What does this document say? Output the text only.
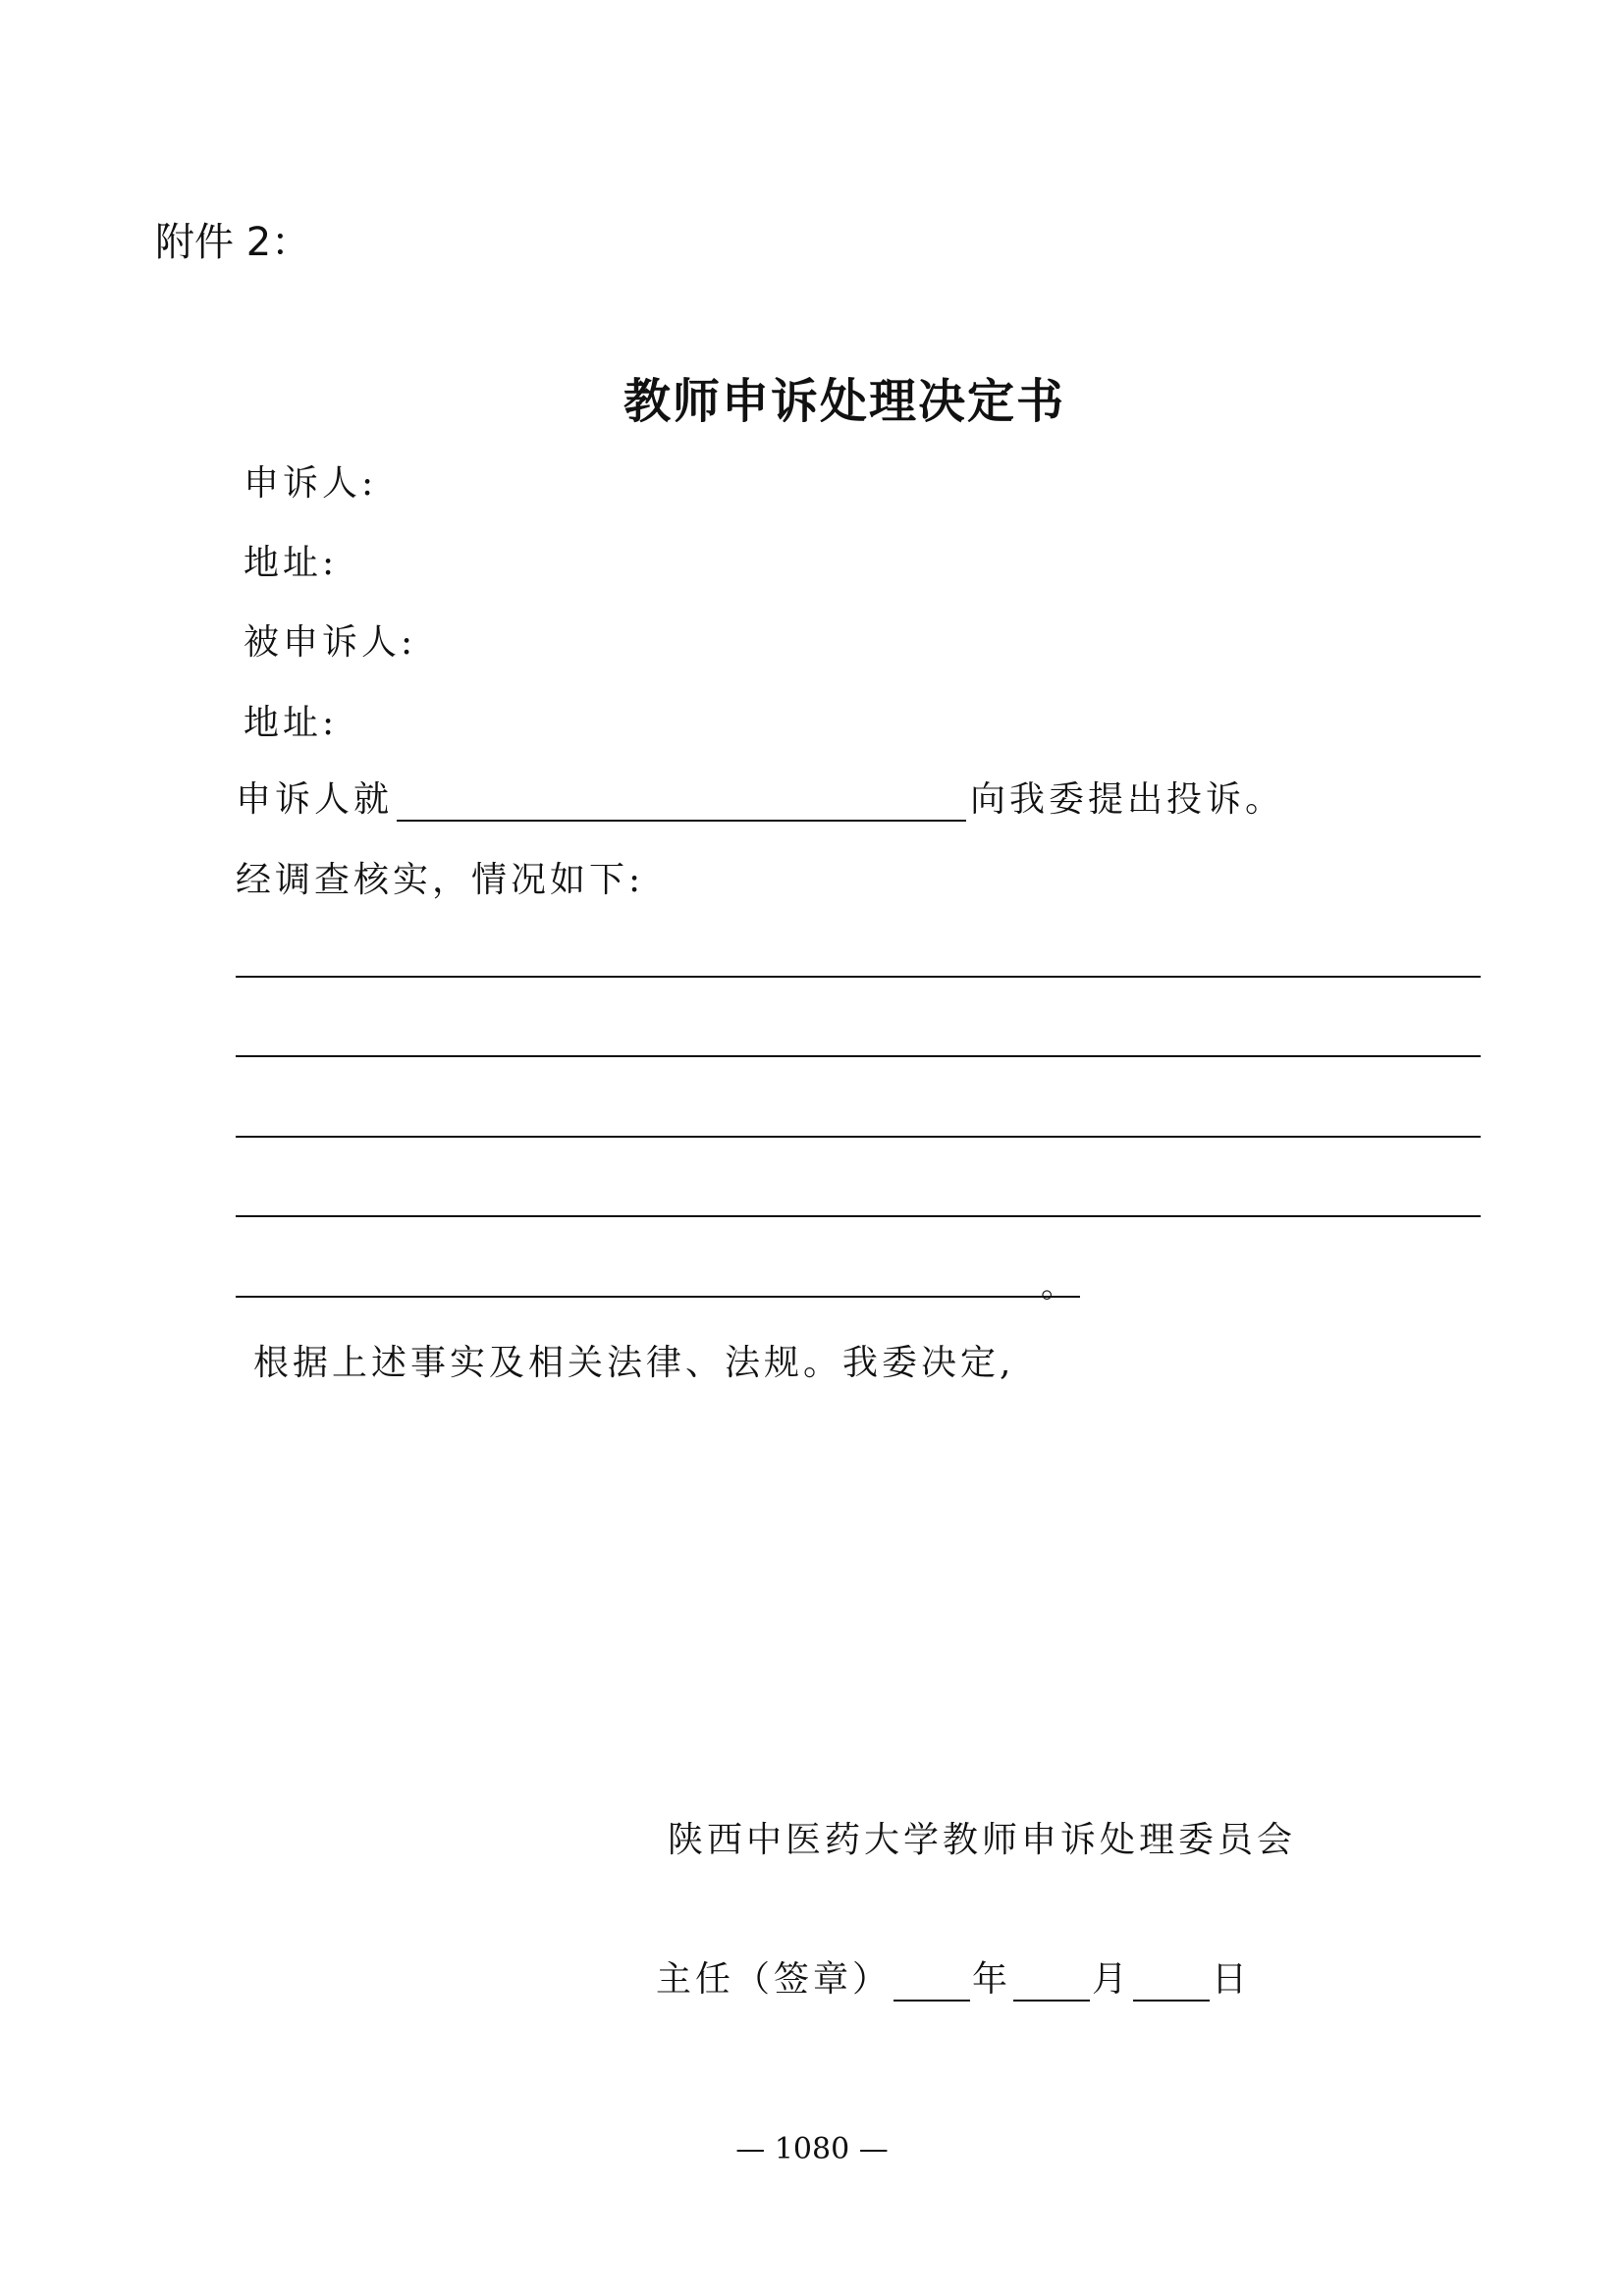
附件 2：
教师申诉处理决定书
申诉人:
地址:
被申诉人:
地址:
申诉人就	向我委提出投诉。
经调查核实，情况如下:
。
根据上述事实及相关法律、法规。我委决定,
陕西中医药大学教师申诉处理委员会
主任（签章） 年 月 日
— 1080 —
